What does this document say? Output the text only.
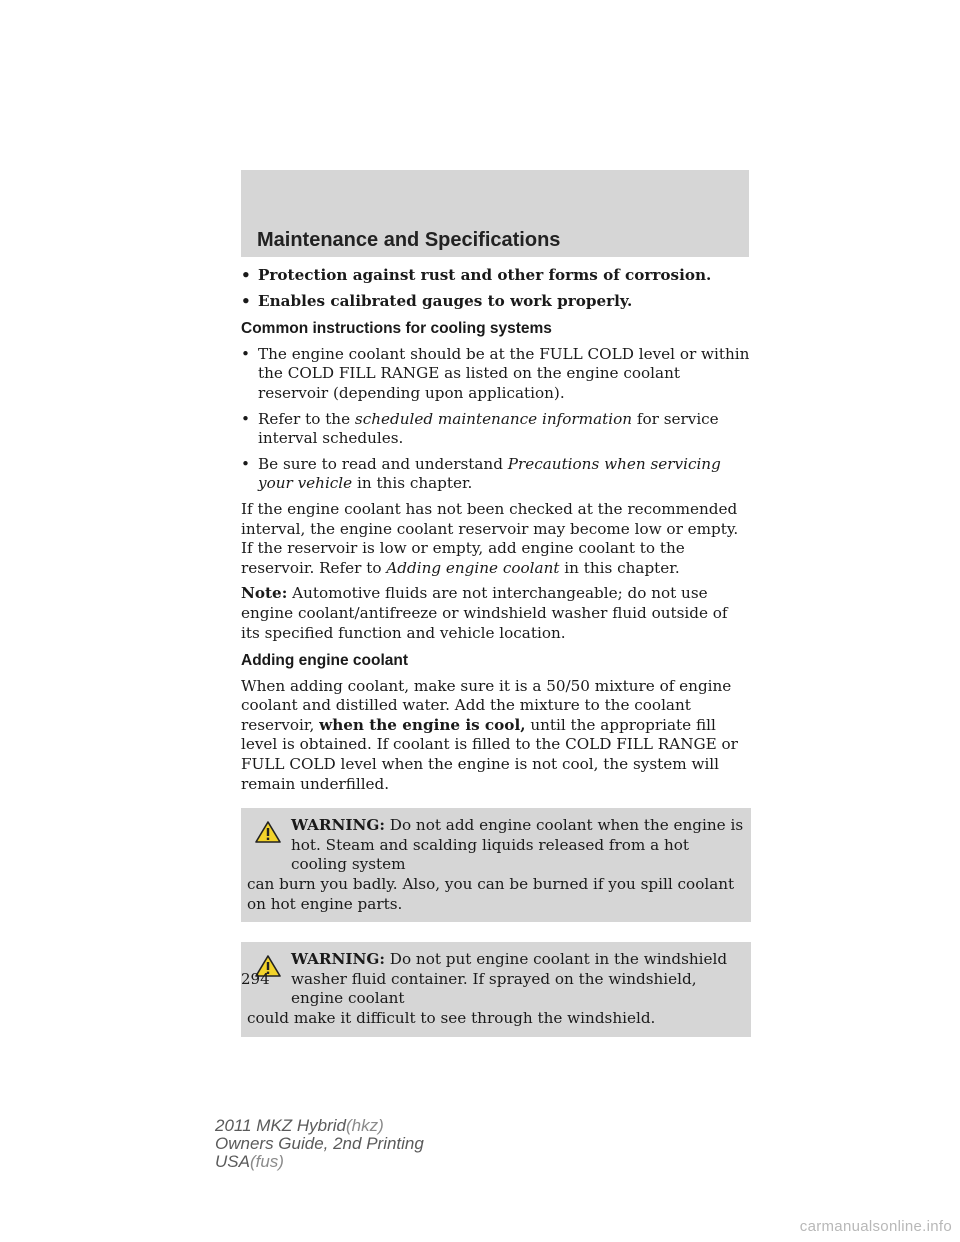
Maintenance and Specifications
• Protection against rust and other forms of corrosion.
• Enables calibrated gauges to work properly.
Common instructions for cooling systems
• The engine coolant should be at the FULL COLD level or within the COLD FILL RANGE as listed on the engine coolant reservoir (depending upon application).
• Refer to the scheduled maintenance information for service interval schedules.
• Be sure to read and understand Precautions when servicing your vehicle in this chapter.

If the engine coolant has not been checked at the recommended interval, the engine coolant reservoir may become low or empty. If the reservoir is low or empty, add engine coolant to the reservoir. Refer to Adding engine coolant in this chapter.

Note: Automotive fluids are not interchangeable; do not use engine coolant/antifreeze or windshield washer fluid outside of its specified function and vehicle location.

Adding engine coolant

When adding coolant, make sure it is a 50/50 mixture of engine coolant and distilled water. Add the mixture to the coolant reservoir, when the engine is cool, until the appropriate fill level is obtained. If coolant is filled to the COLD FILL RANGE or FULL COLD level when the engine is not cool, the system will remain underfilled.

WARNING: Do not add engine coolant when the engine is hot. Steam and scalding liquids released from a hot cooling system
can burn you badly. Also, you can be burned if you spill coolant on hot engine parts.
WARNING: Do not put engine coolant in the windshield washer fluid container. If sprayed on the windshield, engine coolant
could make it difficult to see through the windshield.
294
2011 MKZ Hybrid(hkz)
Owners Guide, 2nd Printing
USA(fus)
carmanualsonline.info
